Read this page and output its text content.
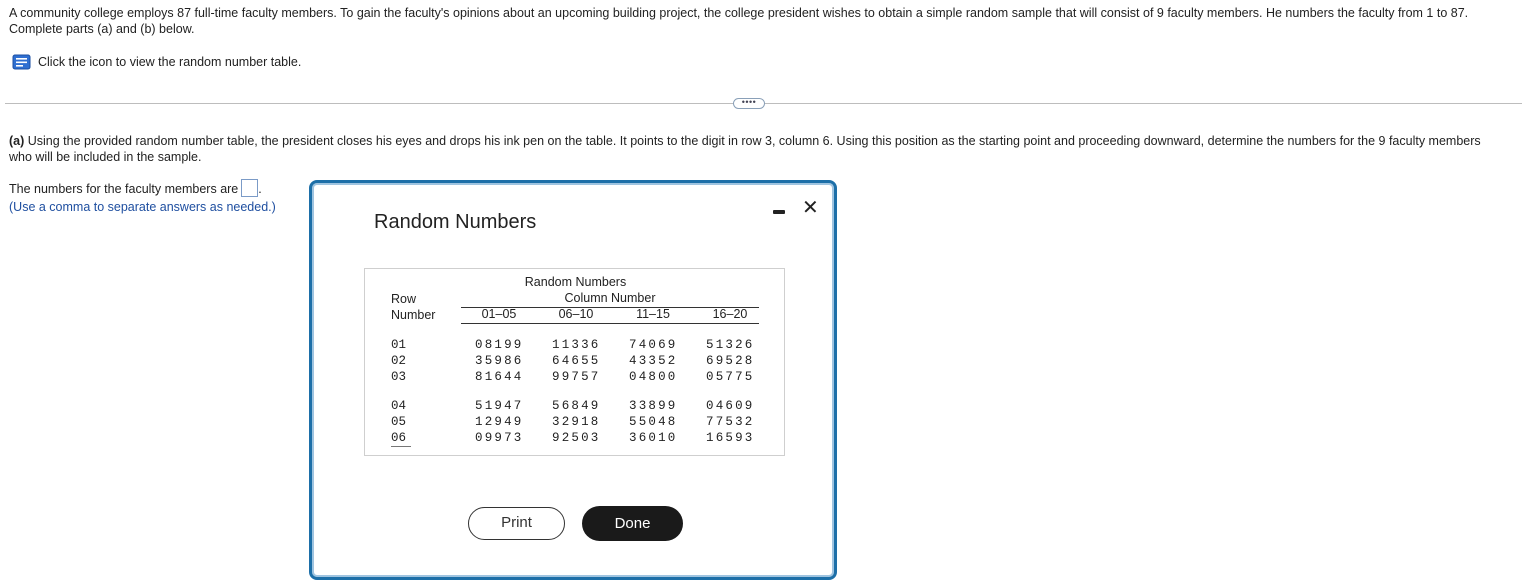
A community college employs 87 full-time faculty members. To gain the faculty's opinions about an upcoming building project, the college president wishes to obtain a simple random sample that will consist of 9 faculty members. He numbers the faculty from 1 to 87. Complete parts (a) and (b) below.
Click the icon to view the random number table.
••••
(a) Using the provided random number table, the president closes his eyes and drops his ink pen on the table. It points to the digit in row 3, column 6. Using this position as the starting point and proceeding downward, determine the numbers for the 9 faculty members who will be included in the sample.
The numbers for the faculty members are .
(Use a comma to separate answers as needed.)
Random Numbers
✕
Random Numbers
Column Number
Row
Number	01–05	06–10	11–15	16–20
01	08199 11336 74069 51326
02	35986 64655 43352 69528
03	81644 99757 04800 05775
04	51947 56849 33899 04609
05	12949 32918 55048 77532
06	09973 92503 36010 16593
Print	Done
